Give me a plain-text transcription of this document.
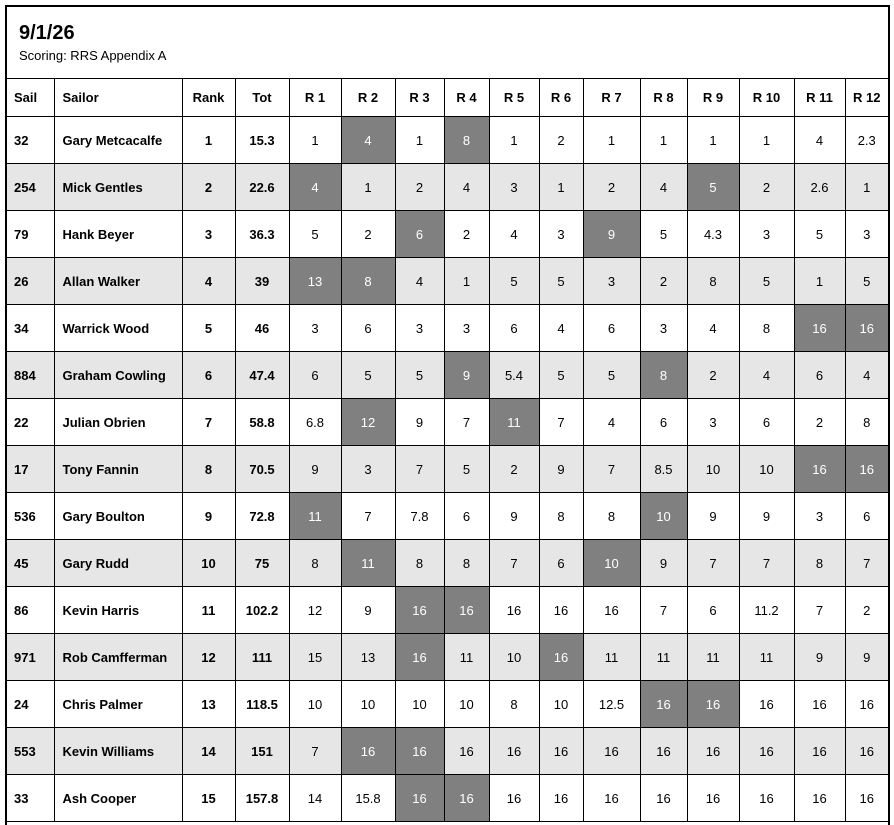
9/1/26
Scoring: RRS Appendix A
Sail	Sailor	Rank	Tot	R 1	R 2	R 3	R 4	R 5	R 6	R 7	R 8	R 9	R 10	R 11	R 12
32	Gary Metcacalfe	1	15.3	1	4	1	8	1	2	1	1	1	1	4	2.3
254	Mick Gentles	2	22.6	4	1	2	4	3	1	2	4	5	2	2.6	1
79	Hank Beyer	3	36.3	5	2	6	2	4	3	9	5	4.3	3	5	3
26	Allan Walker	4	39	13	8	4	1	5	5	3	2	8	5	1	5
34	Warrick Wood	5	46	3	6	3	3	6	4	6	3	4	8	16	16
884	Graham Cowling	6	47.4	6	5	5	9	5.4	5	5	8	2	4	6	4
22	Julian Obrien	7	58.8	6.8	12	9	7	11	7	4	6	3	6	2	8
17	Tony Fannin	8	70.5	9	3	7	5	2	9	7	8.5	10	10	16	16
536	Gary Boulton	9	72.8	11	7	7.8	6	9	8	8	10	9	9	3	6
45	Gary Rudd	10	75	8	11	8	8	7	6	10	9	7	7	8	7
86	Kevin Harris	11	102.2	12	9	16	16	16	16	16	7	6	11.2	7	2
971	Rob Camfferman	12	111	15	13	16	11	10	16	11	11	11	11	9	9
24	Chris Palmer	13	118.5	10	10	10	10	8	10	12.5	16	16	16	16	16
553	Kevin Williams	14	151	7	16	16	16	16	16	16	16	16	16	16	16
33	Ash Cooper	15	157.8	14	15.8	16	16	16	16	16	16	16	16	16	16
